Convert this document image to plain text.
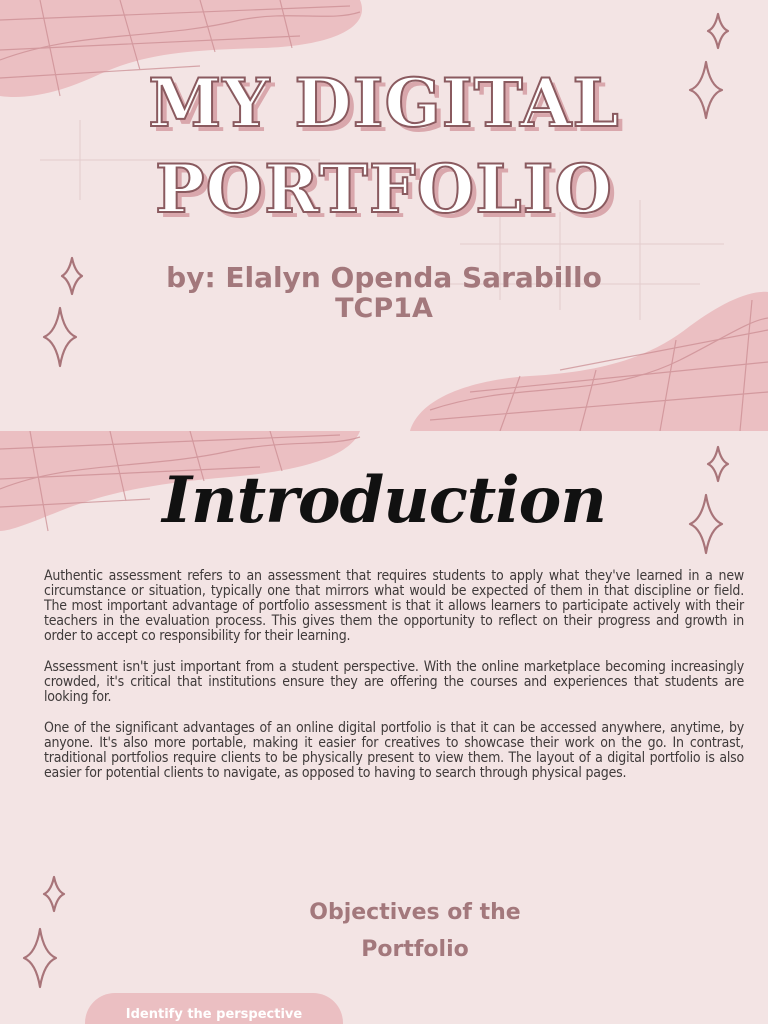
MY DIGITAL
PORTFOLIO

by: Elalyn Openda Sarabillo

TCP1A

Introduction

Authentic assessment refers to an assessment that requires students to apply what they've learned in a new circumstance or situation, typically one that mirrors what would be expected of them in that discipline or field. The most important advantage of portfolio assessment is that it allows learners to participate actively with their teachers in the evaluation process. This gives them the opportunity to reflect on their progress and growth in order to accept co responsibility for their learning.

Assessment isn't just important from a student perspective. With the online marketplace becoming increasingly crowded, it's critical that institutions ensure they are offering the courses and experiences that students are looking for.

One of the significant advantages of an online digital portfolio is that it can be accessed anywhere, anytime, by anyone. It's also more portable, making it easier for creatives to showcase their work on the go. In contrast, traditional portfolios require clients to be physically present to view them. The layout of a digital portfolio is also easier for potential clients to navigate, as opposed to having to search through physical pages.

Objectives of the
Portfolio

Identify the perspective
